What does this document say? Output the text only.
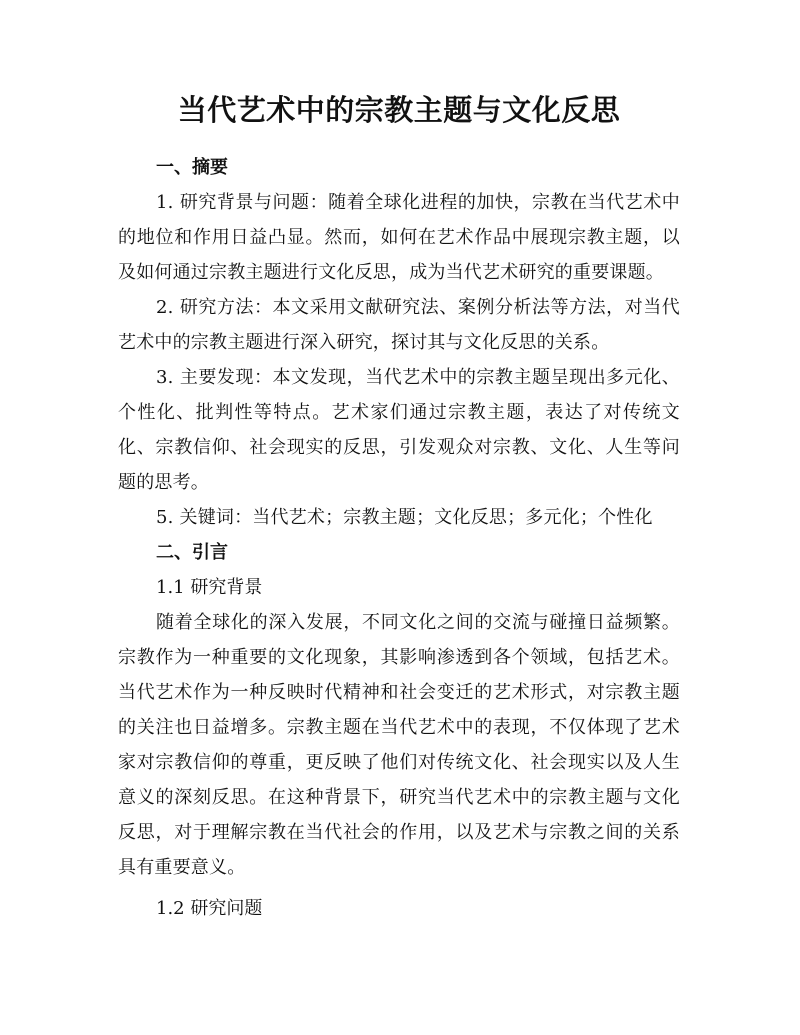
当代艺术中的宗教主题与文化反思
一、摘要

1. 研究背景与问题：随着全球化进程的加快，宗教在当代艺术中的地位和作用日益凸显。然而，如何在艺术作品中展现宗教主题，以及如何通过宗教主题进行文化反思，成为当代艺术研究的重要课题。

2. 研究方法：本文采用文献研究法、案例分析法等方法，对当代艺术中的宗教主题进行深入研究，探讨其与文化反思的关系。

3. 主要发现：本文发现，当代艺术中的宗教主题呈现出多元化、个性化、批判性等特点。艺术家们通过宗教主题，表达了对传统文化、宗教信仰、社会现实的反思，引发观众对宗教、文化、人生等问题的思考。

5. 关键词：当代艺术；宗教主题；文化反思；多元化；个性化

二、引言
1.1 研究背景

随着全球化的深入发展，不同文化之间的交流与碰撞日益频繁。宗教作为一种重要的文化现象，其影响渗透到各个领域，包括艺术。当代艺术作为一种反映时代精神和社会变迁的艺术形式，对宗教主题的关注也日益增多。宗教主题在当代艺术中的表现，不仅体现了艺术家对宗教信仰的尊重，更反映了他们对传统文化、社会现实以及人生意义的深刻反思。在这种背景下，研究当代艺术中的宗教主题与文化反思，对于理解宗教在当代社会的作用，以及艺术与宗教之间的关系具有重要意义。

1.2 研究问题
